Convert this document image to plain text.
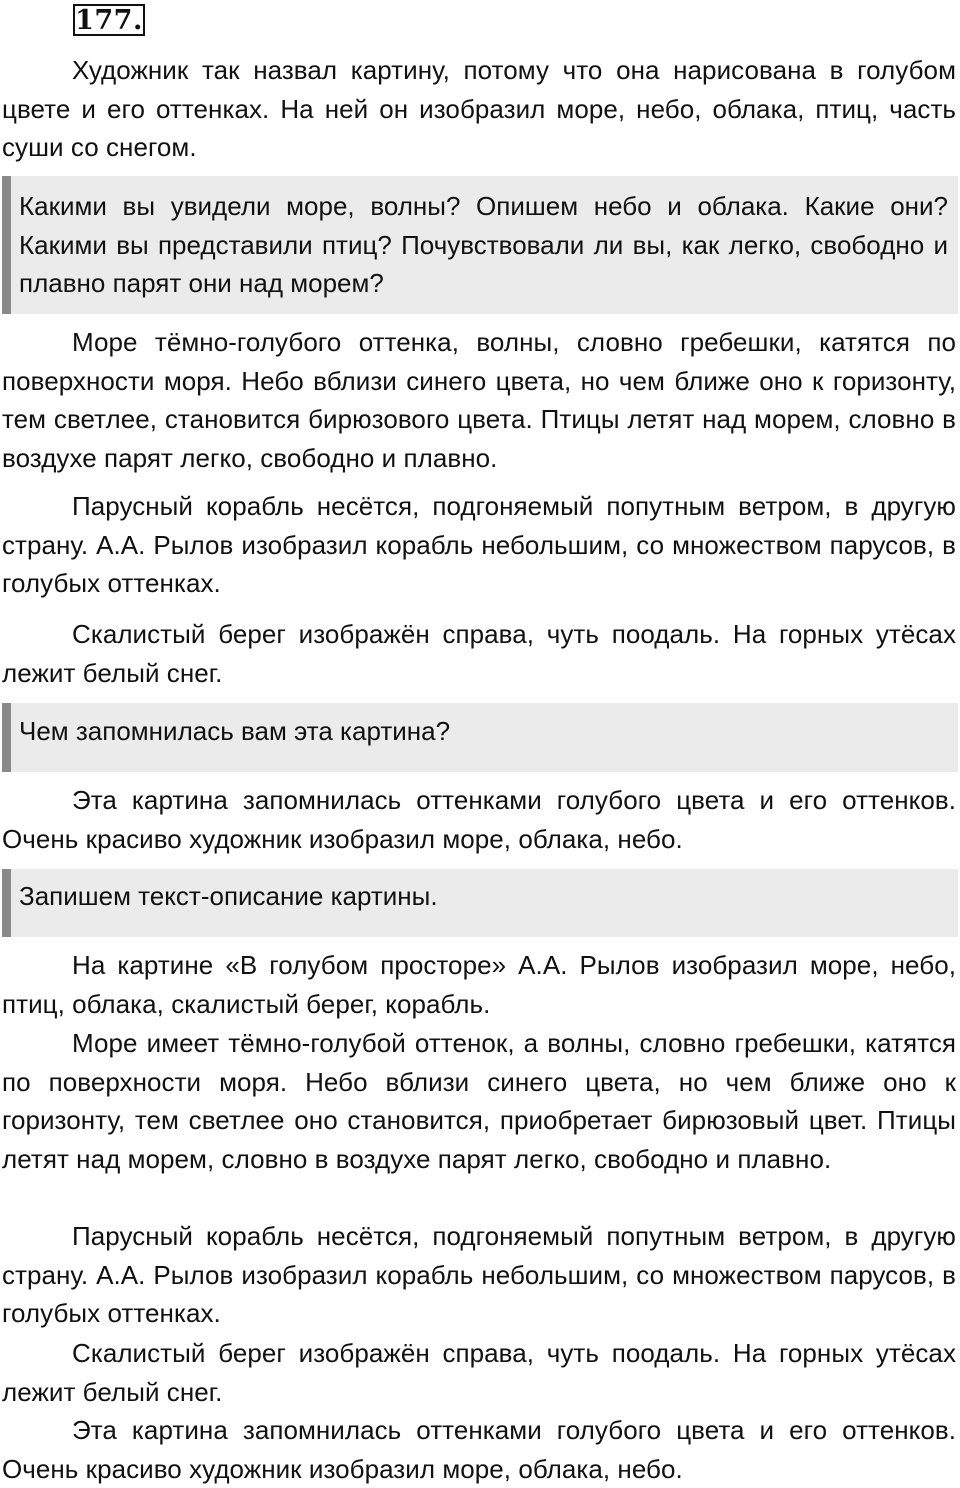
177.

Художник так назвал картину, потому что она нарисована в голубом цвете и его оттенках. На ней он изобразил море, небо, облака, птиц, часть суши со снегом.

Какими вы увидели море, волны? Опишем небо и облака. Какие они? Какими вы представили птиц? Почувствовали ли вы, как легко, свободно и плавно парят они над морем?

Море тёмно-голубого оттенка, волны, словно гребешки, катятся по поверхности моря. Небо вблизи синего цвета, но чем ближе оно к горизонту, тем светлее, становится бирюзового цвета. Птицы летят над морем, словно в воздухе парят легко, свободно и плавно.

Парусный корабль несётся, подгоняемый попутным ветром, в другую страну. А.А. Рылов изобразил корабль небольшим, со множеством парусов, в голубых оттенках.

Скалистый берег изображён справа, чуть поодаль. На горных утёсах лежит белый снег.

Чем запомнилась вам эта картина?

Эта картина запомнилась оттенками голубого цвета и его оттенков. Очень красиво художник изобразил море, облака, небо.

Запишем текст-описание картины.

На картине «В голубом просторе» А.А. Рылов изобразил море, небо, птиц, облака, скалистый берег, корабль.

Море имеет тёмно-голубой оттенок, а волны, словно гребешки, катятся по поверхности моря. Небо вблизи синего цвета, но чем ближе оно к горизонту, тем светлее оно становится, приобретает бирюзовый цвет. Птицы летят над морем, словно в воздухе парят легко, свободно и плавно.

Парусный корабль несётся, подгоняемый попутным ветром, в другую страну. А.А. Рылов изобразил корабль небольшим, со множеством парусов, в голубых оттенках.

Скалистый берег изображён справа, чуть поодаль. На горных утёсах лежит белый снег.

Эта картина запомнилась оттенками голубого цвета и его оттенков. Очень красиво художник изобразил море, облака, небо.
